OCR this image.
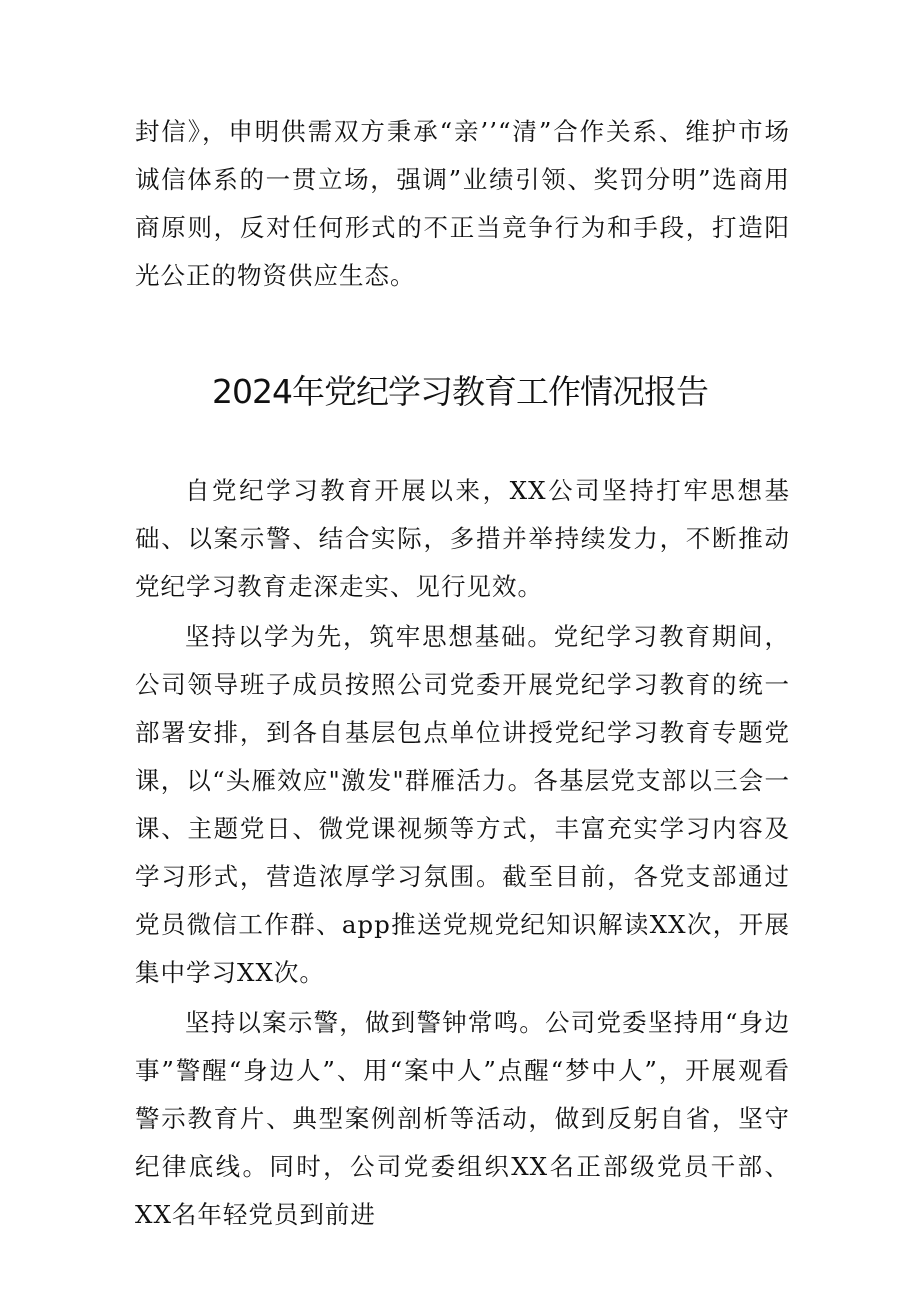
封信》，申明供需双方秉承“亲’’“清”合作关系、维护市场诚信体系的一贯立场，强调”业绩引领、奖罚分明”选商用商原则，反对任何形式的不正当竞争行为和手段，打造阳光公正的物资供应生态。
2024年党纪学习教育工作情况报告

自党纪学习教育开展以来，XX公司坚持打牢思想基础、以案示警、结合实际，多措并举持续发力，不断推动党纪学习教育走深走实、见行见效。

坚持以学为先，筑牢思想基础。党纪学习教育期间，公司领导班子成员按照公司党委开展党纪学习教育的统一部署安排，到各自基层包点单位讲授党纪学习教育专题党课，以“头雁效应"激发"群雁活力。各基层党支部以三会一课、主题党日、微党课视频等方式，丰富充实学习内容及学习形式，营造浓厚学习氛围。截至目前，各党支部通过党员微信工作群、app推送党规党纪知识解读XX次，开展集中学习XX次。

坚持以案示警，做到警钟常鸣。公司党委坚持用“身边事”警醒“身边人”、用“案中人”点醒“梦中人”，开展观看警示教育片、典型案例剖析等活动，做到反躬自省，坚守纪律底线。同时，公司党委组织XX名正部级党员干部、XX名年轻党员到前进
